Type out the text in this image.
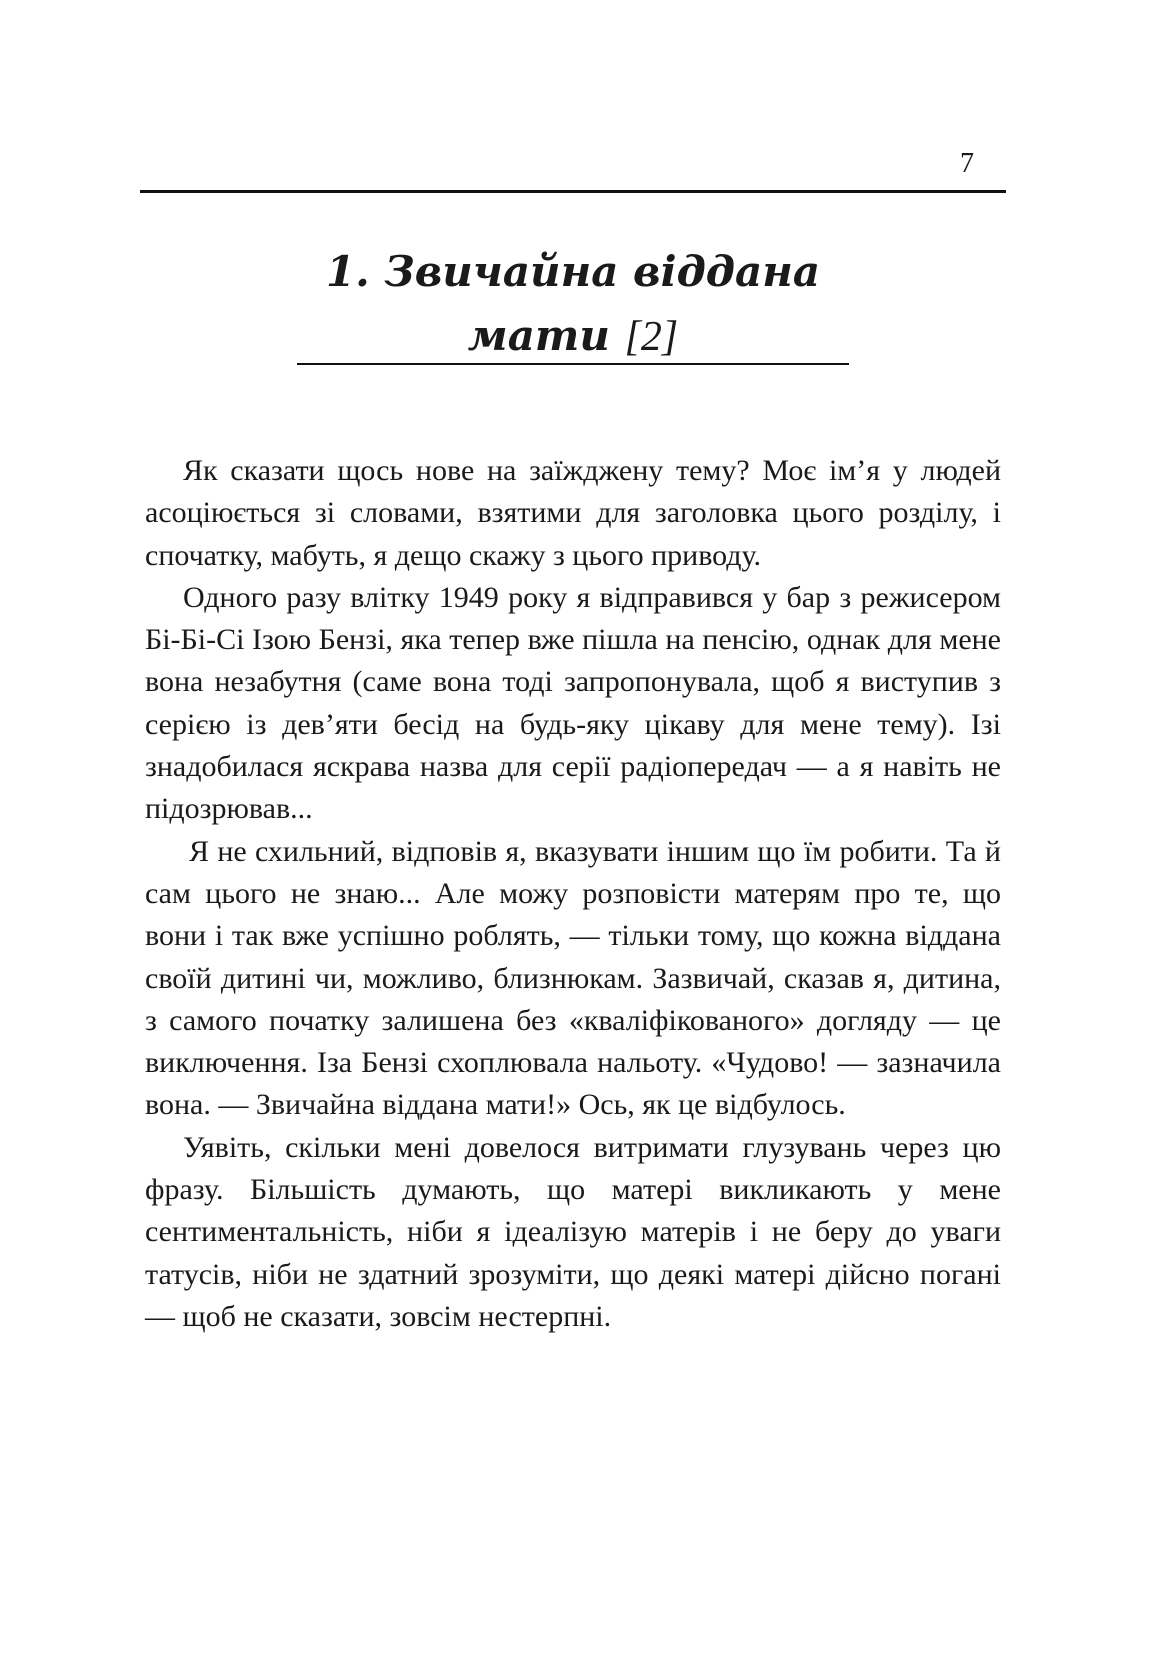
7
1. Звичайна віддана
мати [2]

Як сказати щось нове на заїжджену тему? Моє ім’я у людей асоціюється зі словами, взятими для заголовка цього розділу, і спочатку, мабуть, я дещо скажу з цього приводу.

Одного разу влітку 1949 року я відправився у бар з режисером Бі-Бі-Сі Ізою Бензі, яка тепер вже пішла на пенсію, однак для мене вона незабутня (саме вона тоді запропонувала, щоб я виступив з серією із дев’яти бесід на будь-яку цікаву для мене тему). Ізі знадобилася яскрава назва для серії радіопередач — а я навіть не підозрював...

Я не схильний, відповів я, вказувати іншим що їм робити. Та й сам цього не знаю... Але можу розповісти матерям про те, що вони і так вже успішно роблять, — тільки тому, що кожна віддана своїй дитині чи, можливо, близнюкам. Зазвичай, сказав я, дитина, з самого початку залишена без «кваліфікованого» догляду — це виключення. Іза Бензі схоплювала нальоту. «Чудово! — зазначила вона. — Звичайна віддана мати!» Ось, як це відбулось.

Уявіть, скільки мені довелося витримати глузувань через цю фразу. Більшість думають, що матері викликають у мене сентиментальність, ніби я ідеалізую матерів і не беру до уваги татусів, ніби не здатний зрозуміти, що деякі матері дійсно погані — щоб не сказати, зовсім нестерпні.
